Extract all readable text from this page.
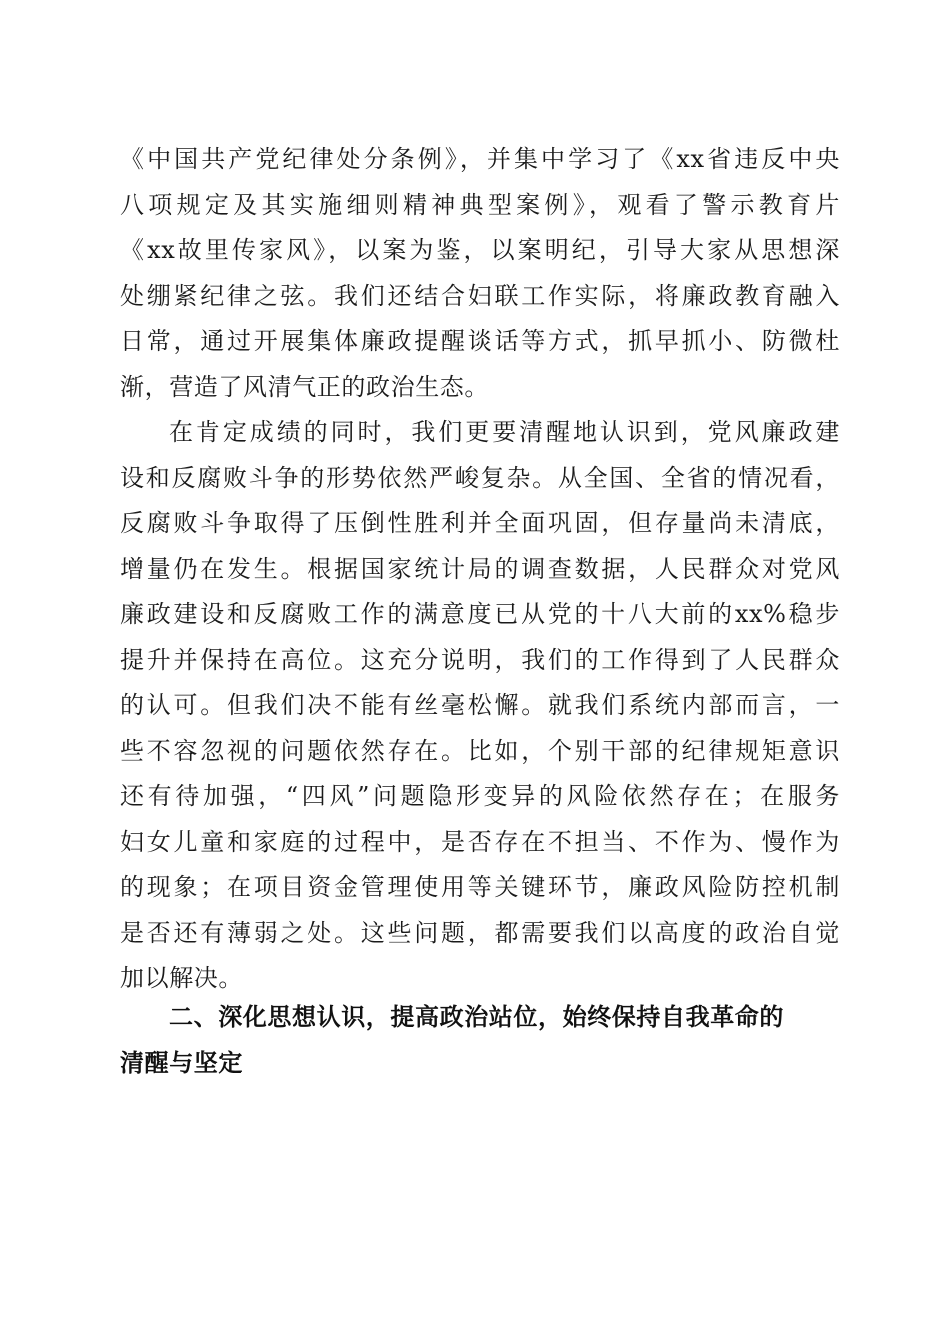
《中国共产党纪律处分条例》，并集中学习了《xx省违反中央
八项规定及其实施细则精神典型案例》，观看了警示教育片
《xx故里传家风》，以案为鉴，以案明纪，引导大家从思想深
处绷紧纪律之弦。我们还结合妇联工作实际，将廉政教育融入
日常，通过开展集体廉政提醒谈话等方式，抓早抓小、防微杜
渐，营造了风清气正的政治生态。
在肯定成绩的同时，我们更要清醒地认识到，党风廉政建
设和反腐败斗争的形势依然严峻复杂。从全国、全省的情况看，
反腐败斗争取得了压倒性胜利并全面巩固，但存量尚未清底，
增量仍在发生。根据国家统计局的调查数据，人民群众对党风
廉政建设和反腐败工作的满意度已从党的十八大前的xx%稳步
提升并保持在高位。这充分说明，我们的工作得到了人民群众
的认可。但我们决不能有丝毫松懈。就我们系统内部而言，一
些不容忽视的问题依然存在。比如，个别干部的纪律规矩意识
还有待加强，“四风”问题隐形变异的风险依然存在；在服务
妇女儿童和家庭的过程中，是否存在不担当、不作为、慢作为
的现象；在项目资金管理使用等关键环节，廉政风险防控机制
是否还有薄弱之处。这些问题，都需要我们以高度的政治自觉
加以解决。
二、深化思想认识，提高政治站位，始终保持自我革命的
清醒与坚定
